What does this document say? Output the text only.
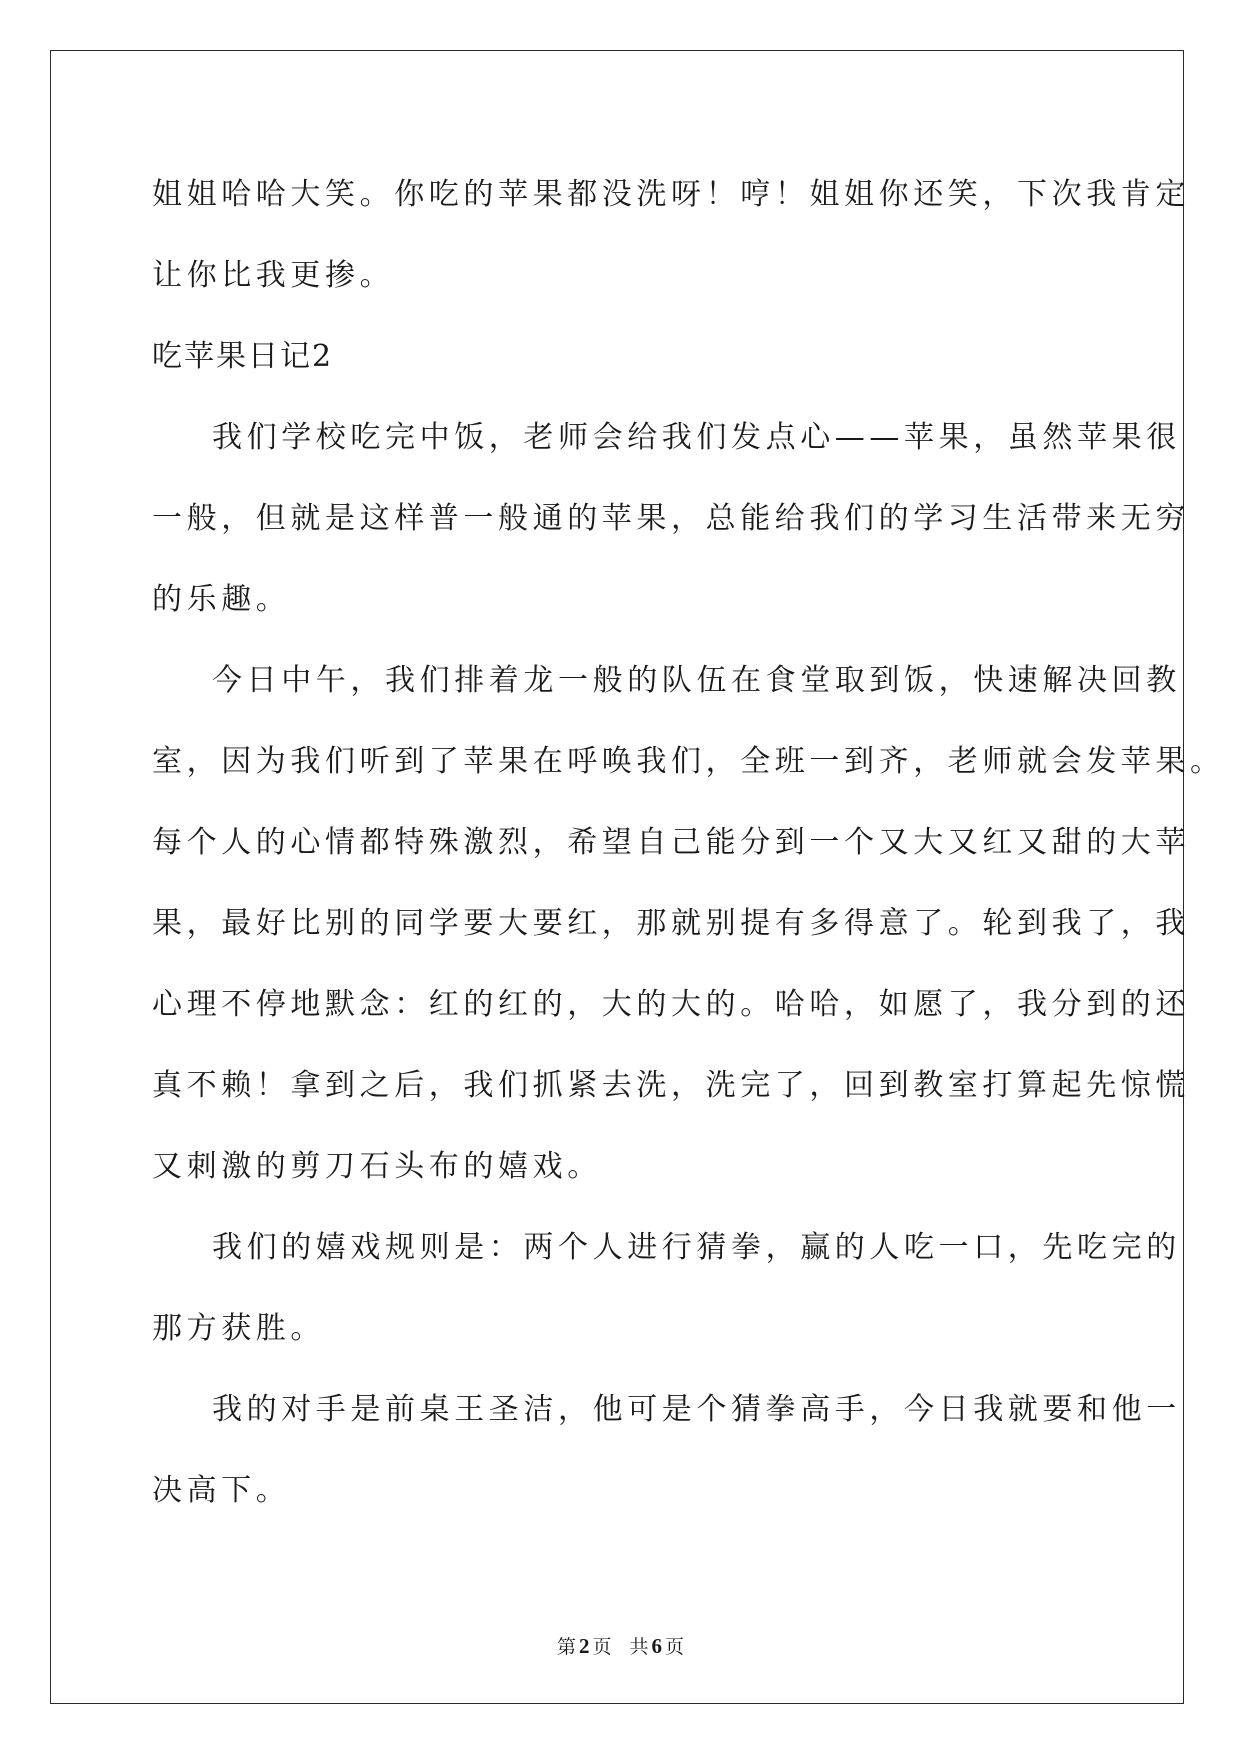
姐姐哈哈大笑。你吃的苹果都没洗呀！哼！姐姐你还笑，下次我肯定
让你比我更掺。

吃苹果日记2

我们学校吃完中饭，老师会给我们发点心——苹果，虽然苹果很
一般，但就是这样普一般通的苹果，总能给我们的学习生活带来无穷
的乐趣。

今日中午，我们排着龙一般的队伍在食堂取到饭，快速解决回教
室，因为我们听到了苹果在呼唤我们，全班一到齐，老师就会发苹果。
每个人的心情都特殊激烈，希望自己能分到一个又大又红又甜的大苹
果，最好比别的同学要大要红，那就别提有多得意了。轮到我了，我
心理不停地默念：红的红的，大的大的。哈哈，如愿了，我分到的还
真不赖！拿到之后，我们抓紧去洗，洗完了，回到教室打算起先惊慌
又刺激的剪刀石头布的嬉戏。

我们的嬉戏规则是：两个人进行猜拳，赢的人吃一口，先吃完的
那方获胜。

我的对手是前桌王圣洁，他可是个猜拳高手，今日我就要和他一
决高下。

第 2 页 共 6 页
